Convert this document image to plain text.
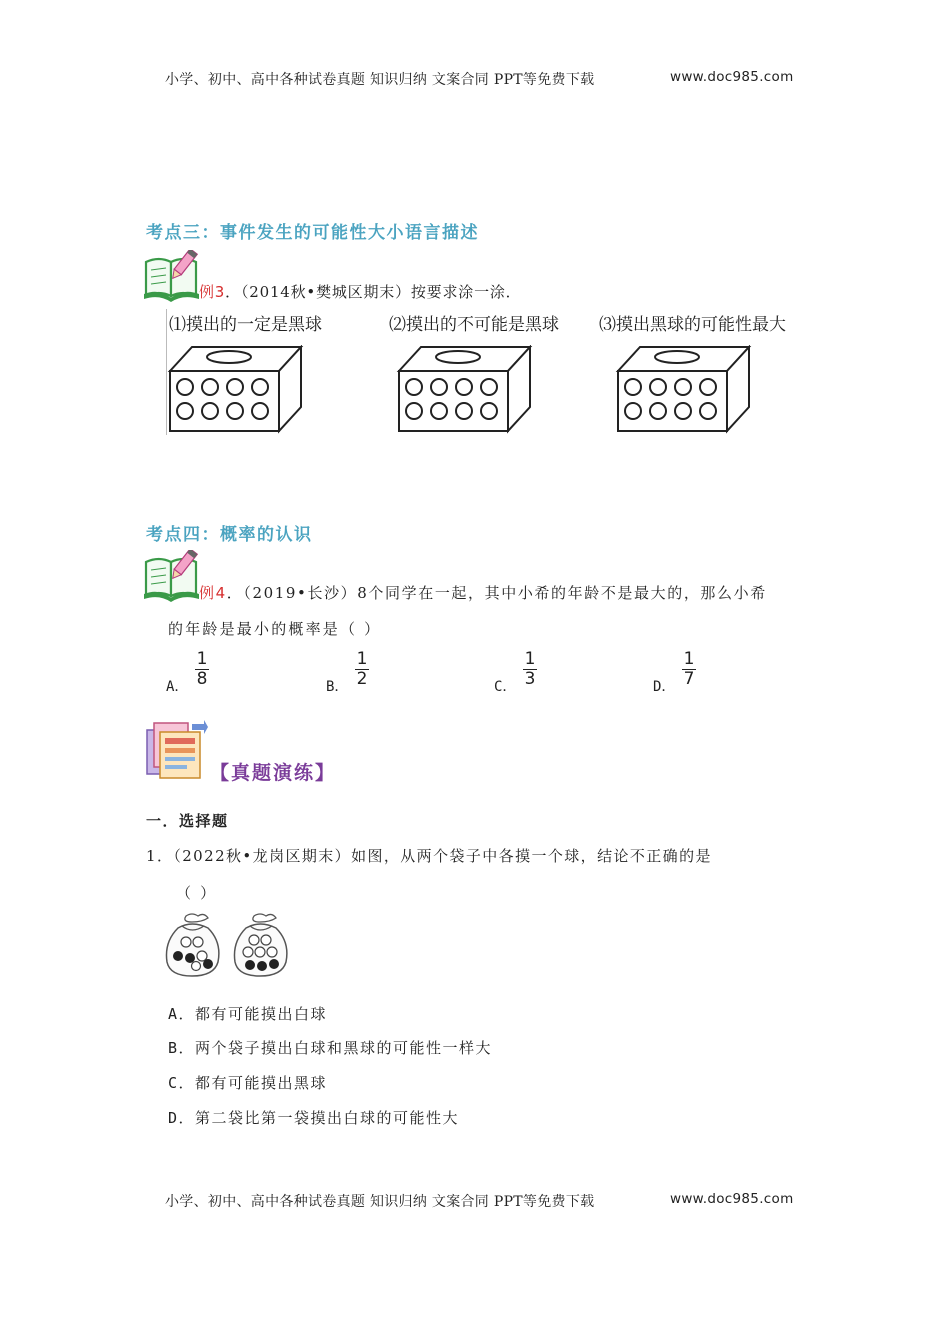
小学、初中、高中各种试卷真题 知识归纳 文案合同 PPT等免费下载	www.doc985.com
考点三：事件发生的可能性大小语言描述
例3．（2014秋•樊城区期末）按要求涂一涂．
⑴摸出的一定是黑球	⑵摸出的不可能是黑球 ⑶摸出黑球的可能性最大
考点四：概率的认识
例4．（2019•长沙）8个同学在一起，其中小希的年龄不是最大的，那么小希
的年龄是最小的概率是（ ）
A．
1
8	B．
1
2	C．
1
3	D．
1
7
【真题演练】
一．选择题
1．（2022秋•龙岗区期末）如图，从两个袋子中各摸一个球，结论不正确的是
（ ）
A．都有可能摸出白球
B．两个袋子摸出白球和黑球的可能性一样大
C．都有可能摸出黑球
D．第二袋比第一袋摸出白球的可能性大
小学、初中、高中各种试卷真题 知识归纳 文案合同 PPT等免费下载	www.doc985.com
